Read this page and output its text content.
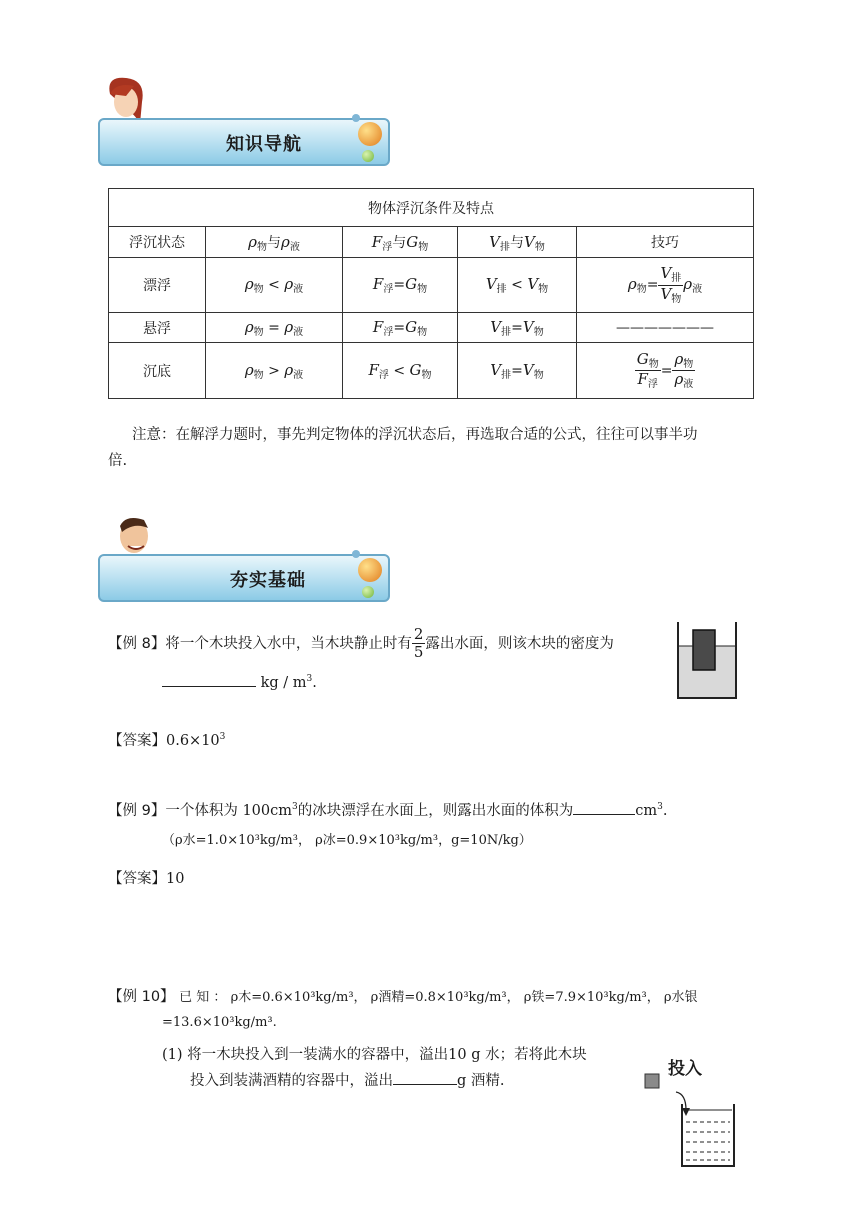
知识导航
物体浮沉条件及特点				
浮沉状态	$\rho_物$与$\rho_液$	$F_浮$与$G_物$	$V_排$与$V_物$	技巧
漂浮	$\rho_物 < \rho_液$	$F_浮=G_物$	$V_排 < V_物$	$\rho_物= \frac{V_排}{V_物} \rho_液$
悬浮	$\rho_物 = \rho_液$	$F_浮=G_物$	$V_排=V_物$	———————
沉底	$\rho_物 > \rho_液$	$F_浮 < G_物$	$V_排=V_物$	$\frac{G_物}{F_浮} = \frac{\rho_物}{\rho_液}$
注意：在解浮力题时，事先判定物体的浮沉状态后，再选取合适的公式，往往可以事半功
倍.
夯实基础
【例 8】将一个木块投入水中，当木块静止时有 $\frac{2}{5}$ 露出水面，则该木块的密度为
kg / $m^3$.
【答案】$0.6\times 10^3$
【例 9】一个体积为 $100cm^3$的冰块漂浮在水面上，则露出水面的体积为	$cm^3$.
（ρ水=1.0×10³kg/m³， ρ冰=0.9×10³kg/m³，g=10N/kg）
【答案】10
【例 10】 已 知 ： ρ木=0.6×10³kg/m³， ρ酒精=0.8×10³kg/m³， ρ铁=7.9×10³kg/m³， ρ水银
=13.6×10³kg/m³.
(1) 将一木块投入到一装满水的容器中，溢出10 g 水；若将此木块
投入到装满酒精的容器中，溢出	g 酒精.
投入
